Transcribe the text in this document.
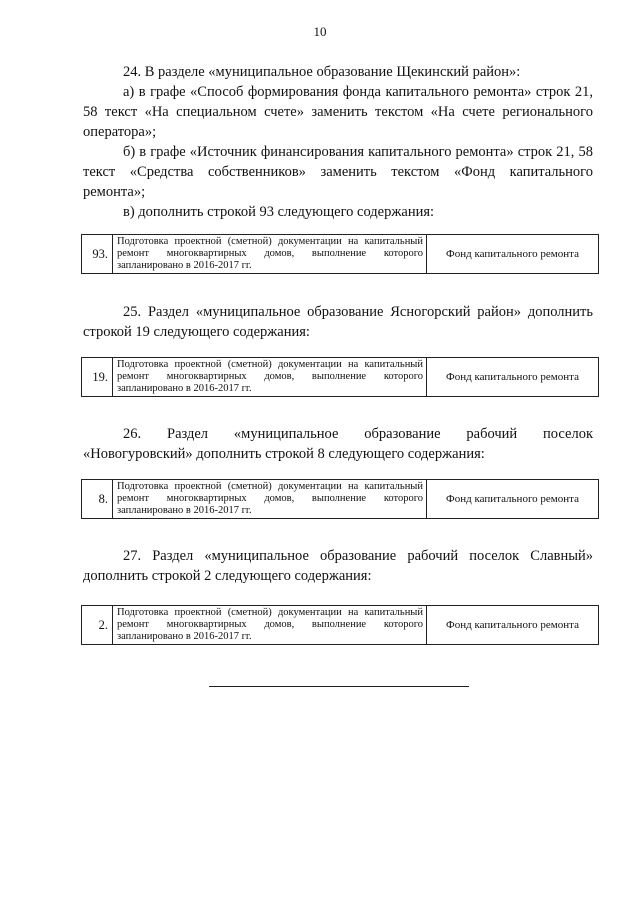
10

24. В разделе «муниципальное образование Щекинский район»:

а) в графе «Способ формирования фонда капитального ремонта» строк 21, 58 текст «На специальном счете» заменить текстом «На счете регионального оператора»;

б) в графе «Источник финансирования капитального ремонта» строк 21, 58 текст «Средства собственников» заменить текстом «Фонд капитального ремонта»;

в) дополнить строкой 93 следующего содержания:

93.
Подготовка проектной (сметной) документации на капитальный ремонт многоквартирных домов, выполнение которого запланировано в 2016-2017 гг.
Фонд капитального ремонта

25. Раздел «муниципальное образование Ясногорский район» дополнить строкой 19 следующего содержания:

19.
Подготовка проектной (сметной) документации на капитальный ремонт многоквартирных домов, выполнение которого запланировано в 2016-2017 гг.
Фонд капитального ремонта

26. Раздел «муниципальное образование рабочий поселок «Новогуровский» дополнить строкой 8 следующего содержания:

8.
Подготовка проектной (сметной) документации на капитальный ремонт многоквартирных домов, выполнение которого запланировано в 2016-2017 гг.
Фонд капитального ремонта

27. Раздел «муниципальное образование рабочий поселок Славный» дополнить строкой 2 следующего содержания:

2.
Подготовка проектной (сметной) документации на капитальный ремонт многоквартирных домов, выполнение которого запланировано в 2016-2017 гг.
Фонд капитального ремонта
